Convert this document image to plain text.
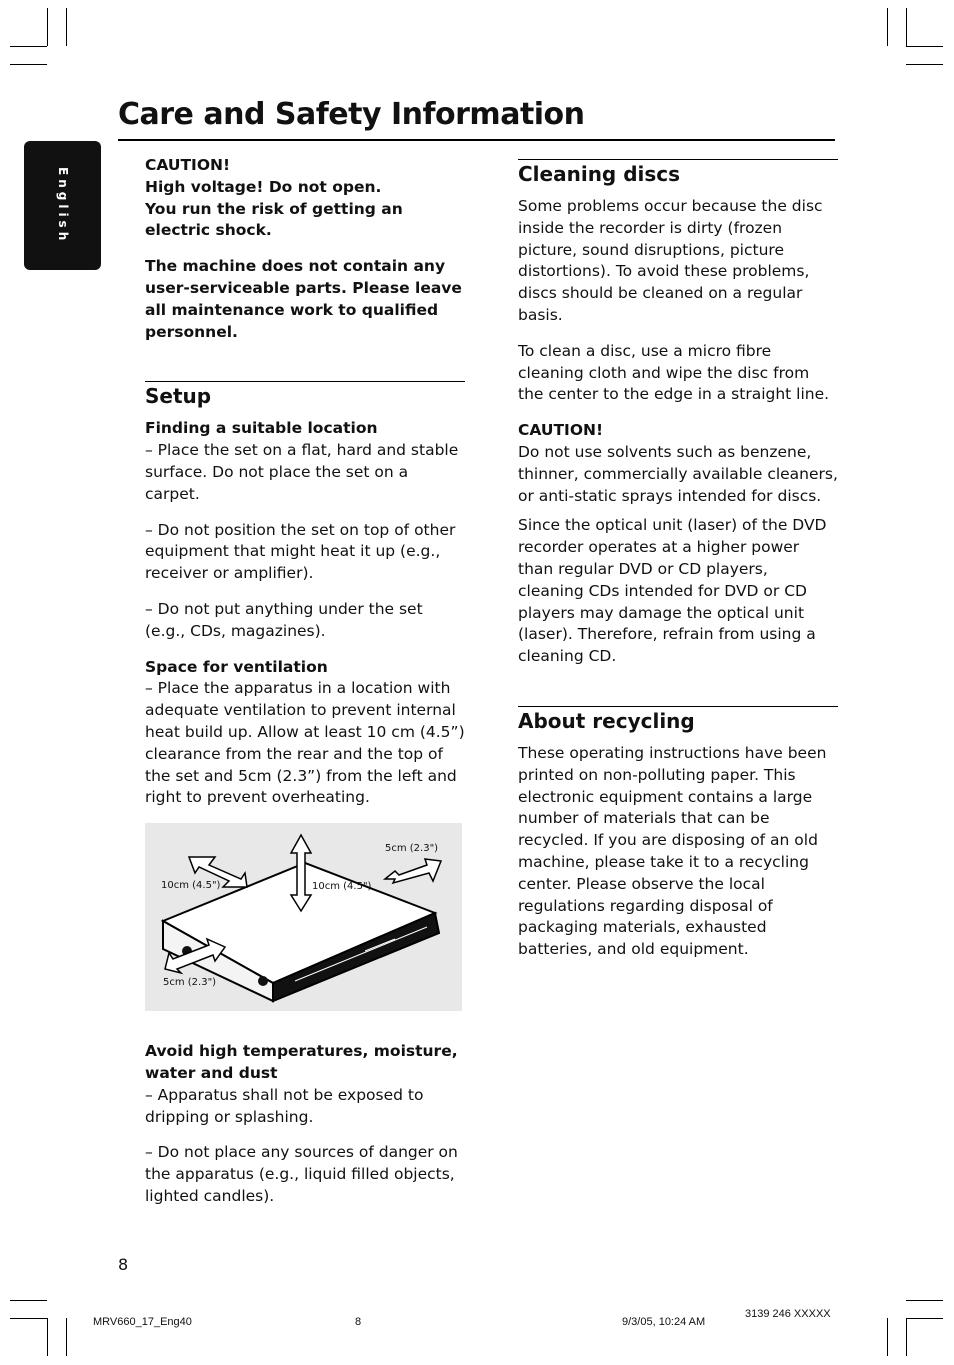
English
Care and Safety Information

CAUTION!
High voltage! Do not open.
You run the risk of getting an electric shock.

The machine does not contain any user-serviceable parts. Please leave all maintenance work to qualified personnel.

Setup
Finding a suitable location

– Place the set on a flat, hard and stable surface. Do not place the set on a carpet.

– Do not position the set on top of other equipment that might heat it up (e.g., receiver or amplifier).

– Do not put anything under the set (e.g., CDs, magazines).

Space for ventilation

– Place the apparatus in a location with adequate ventilation to prevent internal heat build up. Allow at least 10 cm (4.5”) clearance from the rear and the top of the set and 5cm (2.3”) from the left and right to prevent overheating.

5cm (2.3")
10cm (4.5")	10cm (4.5")
5cm (2.3")
Avoid high temperatures, moisture, water and dust

– Apparatus shall not be exposed to dripping or splashing.

– Do not place any sources of danger on the apparatus (e.g., liquid filled objects, lighted candles).

Cleaning discs

Some problems occur because the disc inside the recorder is dirty (frozen picture, sound disruptions, picture distortions). To avoid these problems, discs should be cleaned on a regular basis.

To clean a disc, use a micro fibre cleaning cloth and wipe the disc from the center to the edge in a straight line.

CAUTION!

Do not use solvents such as benzene, thinner, commercially available cleaners, or anti-static sprays intended for discs.

Since the optical unit (laser) of the DVD recorder operates at a higher power than regular DVD or CD players, cleaning CDs intended for DVD or CD players may damage the optical unit (laser). Therefore, refrain from using a cleaning CD.

About recycling

These operating instructions have been printed on non-polluting paper. This electronic equipment contains a large number of materials that can be recycled. If you are disposing of an old machine, please take it to a recycling center. Please observe the local regulations regarding disposal of packaging materials, exhausted batteries, and old equipment.

8
MRV660_17_Eng40	8	9/3/05, 10:24 AM
3139 246 XXXXX
